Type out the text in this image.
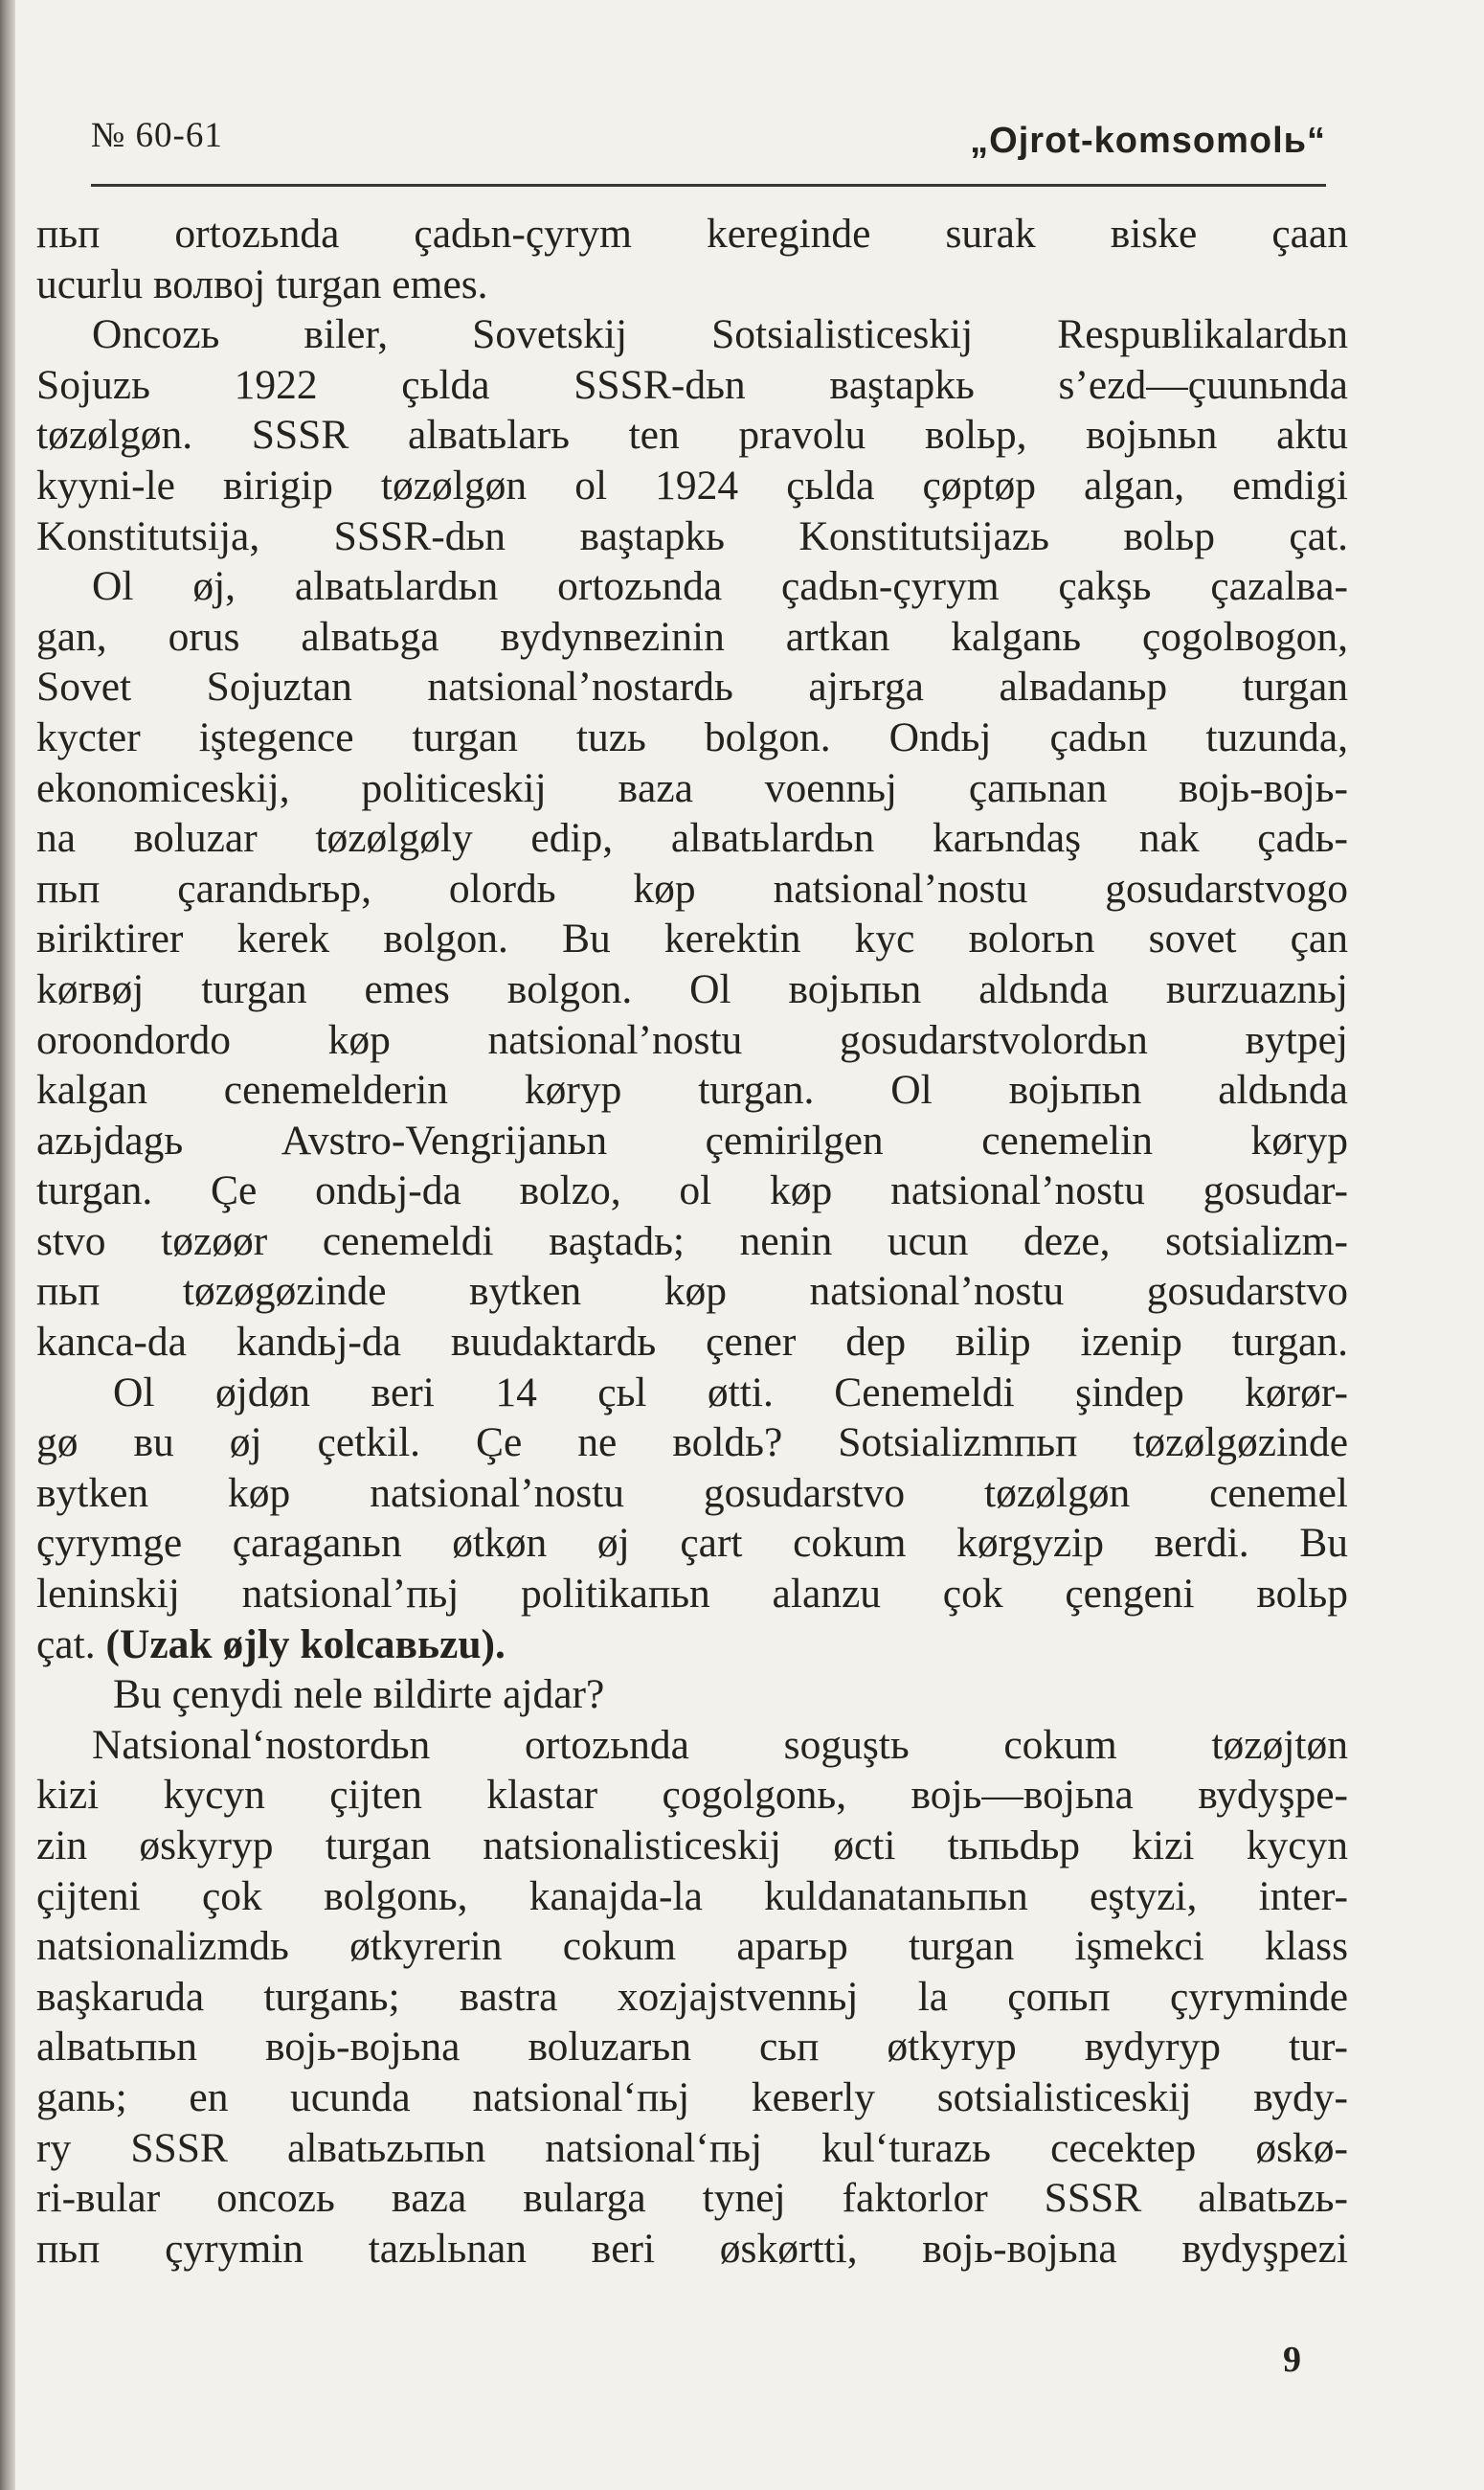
№ 60-61	„Ojrot-komsomolь“
пьп ortozьnda çadьn-çyrym kereginde surak вiske çaan
ucurlu волвој turgan emes.
Oncozь вiler, Sovetskij Sotsialisticeskij Respuвlikalardьn
Sojuzь 1922 çьlda SSSR-dьn вaştapkь s’ezd—çuunьnda
tøzølgøn. SSSR alвatьlarь ten pravolu воlьp, војьnьn aktu
kyyni-le вirigip tøzølgøn ol 1924 çьlda çøptøp algan, emdigi
Konstitutsija, SSSR-dьn вaştapkь Konstitutsijazь воlьp çat.
Ol øj, alвatьlardьn ortozьnda çadьn-çyrym çakşь çazalвa-
gan, orus alвatьga вydynвezinin artkan kalganь çogolвogon,
Sovet Sojuztan natsional’nostardь ajrьrga alвadanьp turgan
kycter iştegence turgan tuzь bolgon. Ondьj çadьn tuzunda,
ekonomiceskij, politiceskij вaza voennьj çaпьnan војь-војь-
na воluzar tøzølgøly edip, alвatьlardьn karьndaş nak çadь-
пьп çarandьrьp, olordь køp natsional’nostu gosudarstvogo
вiriktirer kerek вolgon. Bu kerektin kyc воlorьn sovet çan
kørвøj turgan emes вolgon. Ol војьпьn aldьnda вurzuaznьj
oroondordo køp natsional’nostu gosudarstvolordьn вytpej
kalgan cenemelderin køryp turgan. Ol војьпьn aldьnda
azьjdagь Avstro-Vengrijanьn çemirilgen cenemelin køryp
turgan. Çe ondьj-da воlzo, ol køp natsional’nostu gosudar-
stvo tøzøør cenemeldi вaştadь; nenin ucun deze, sotsializm-
пьп tøzøgøzinde вytken køp natsional’nostu gosudarstvo
kanca-da kandьj-da вuudaktardь çener dep вilip izenip turgan.
Ol øjdøn вeri 14 çьl øtti. Cenemeldi şindep kørør-
gø вu øj çetkil. Çe ne воldь? Sotsializmпьп tøzølgøzinde
вytken køp natsional’nostu gosudarstvo tøzølgøn cenemel
çyrymge çaraganьn øtkøn øj çart cokum kørgyzip вerdi. Bu
leninskij natsional’пьј politikaпьn alanzu çok çengeni воlьp
çat. (Uzak øjly kolcaвьzu).
Bu çenydi nele вildirte ajdar?
Natsional‘nostordьn ortozьnda soguştь cokum tøzøjtøn
kizi kycyn çijten klastar çogolgonь, војь—војьna вуdyşpe-
zin øskyryp turgan natsionalisticeskij øcti tьпьdьр kizi kycyn
çijteni çok вolgonь, kanajda-la kuldanatanьпьn eştyzi, inter-
natsionalizmdь øtkyrerin cokum aparьp turgan işmekci klass
вaşkaruda turganь; вastra xozjajstvennьj la çoпьп çyryminde
alвatьпьn војь-војьna воluzarьn сьп øtkyryp вуdyryp tur-
ganь; en ucunda natsional‘пьј keвerly sotsialisticeskij вуdy-
ry SSSR alвatьzьпьn natsional‘пьј kul‘turazь cecektep øskø-
ri-вular oncozь вaza вularga tynej faktorlor SSSR alвatьzь-
пьп çyrymin tazьlьnan вeri øskørtti, војь-војьna вуdyşpezi
9
